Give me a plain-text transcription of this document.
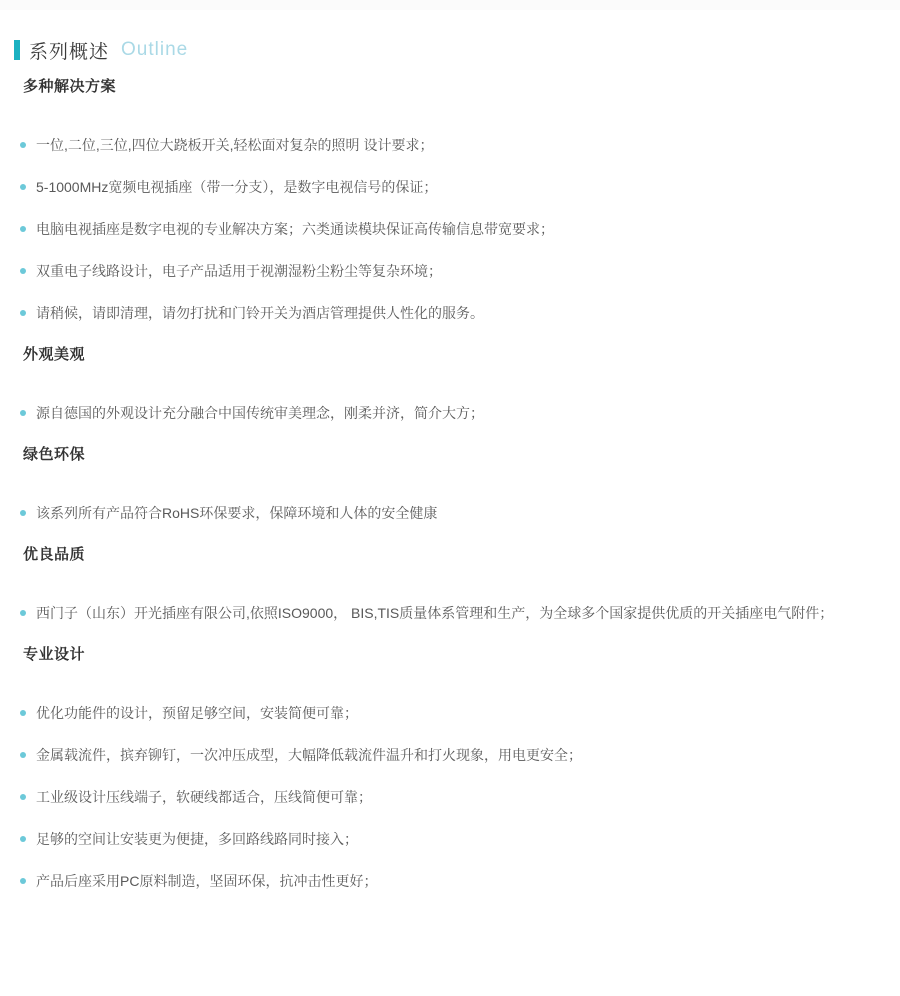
系列概述 Outline
多种解决方案
一位,二位,三位,四位大跷板开关,轻松面对复杂的照明 设计要求；
5-1000MHz宽频电视插座（带一分支），是数字电视信号的保证；
电脑电视插座是数字电视的专业解决方案；六类通读模块保证高传输信息带宽要求；
双重电子线路设计，电子产品适用于视潮湿粉尘粉尘等复杂环境；
请稍候，请即清理，请勿打扰和门铃开关为酒店管理提供人性化的服务。
外观美观
源自德国的外观设计充分融合中国传统审美理念，刚柔并济，简介大方；
绿色环保
该系列所有产品符合RoHS环保要求，保障环境和人体的安全健康
优良品质
西门子（山东）开光插座有限公司,依照ISO9000， BIS,TIS质量体系管理和生产，为全球多个国家提供优质的开关插座电气附件；
专业设计
优化功能件的设计，预留足够空间，安装简便可靠；
金属载流件，摈弃铆钉，一次冲压成型，大幅降低载流件温升和打火现象，用电更安全；
工业级设计压线端子，软硬线都适合，压线简便可靠；
足够的空间让安装更为便捷，多回路线路同时接入；
产品后座采用PC原料制造，坚固环保，抗冲击性更好；
